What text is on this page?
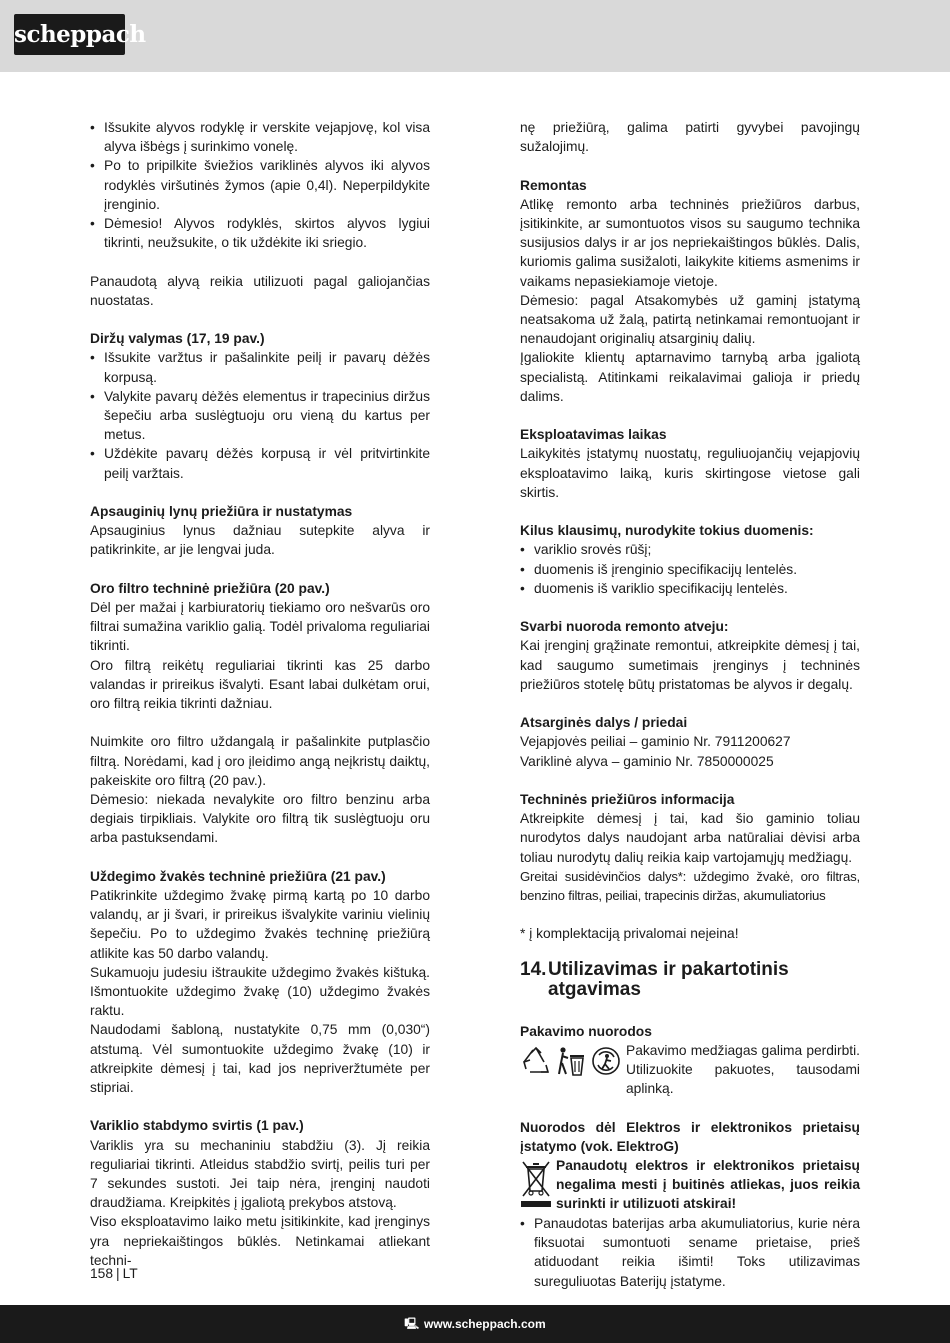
scheppach
• Išsukite alyvos rodyklę ir verskite vejapjovę, kol visa alyva išbėgs į surinkimo vonelę.
• Po to pripilkite šviežios variklinės alyvos iki alyvos rodyklės viršutinės žymos (apie 0,4l). Neperpildykite įrenginio.
• Dėmesio! Alyvos rodyklės, skirtos alyvos lygiui tikrinti, neužsukite, o tik uždėkite iki sriegio.

Panaudotą alyvą reikia utilizuoti pagal galiojančias nuostatas.

Diržų valymas (17, 19 pav.)

• Išsukite varžtus ir pašalinkite peilį ir pavarų dėžės korpusą.
• Valykite pavarų dėžės elementus ir trapecinius diržus šepečiu arba suslėgtuoju oru vieną du kartus per metus.
• Uždėkite pavarų dėžės korpusą ir vėl pritvirtinkite peilį varžtais.

Apsauginių lynų priežiūra ir nustatymas

Apsauginius lynus dažniau sutepkite alyva ir patikrinkite, ar jie lengvai juda.

Oro filtro techninė priežiūra (20 pav.)

Dėl per mažai į karbiuratorių tiekiamo oro nešvarūs oro filtrai sumažina variklio galią. Todėl privaloma reguliariai tikrinti.

Oro filtrą reikėtų reguliariai tikrinti kas 25 darbo valandas ir prireikus išvalyti. Esant labai dulkėtam orui, oro filtrą reikia tikrinti dažniau.

Nuimkite oro filtro uždangalą ir pašalinkite putplasčio filtrą. Norėdami, kad į oro įleidimo angą neįkristų daiktų, pakeiskite oro filtrą (20 pav.).

Dėmesio: niekada nevalykite oro filtro benzinu arba degiais tirpikliais. Valykite oro filtrą tik suslėgtuoju oru arba pastuksendami.

Uždegimo žvakės techninė priežiūra (21 pav.)

Patikrinkite uždegimo žvakę pirmą kartą po 10 darbo valandų, ar ji švari, ir prireikus išvalykite variniu vielinių šepečiu. Po to uždegimo žvakės techninę priežiūrą atlikite kas 50 darbo valandų.

Sukamuoju judesiu ištraukite uždegimo žvakės kištuką. Išmontuokite uždegimo žvakę (10) uždegimo žvakės raktu.

Naudodami šabloną, nustatykite 0,75 mm (0,030“) atstumą. Vėl sumontuokite uždegimo žvakę (10) ir atkreipkite dėmesį į tai, kad jos nepriveržtumėte per stipriai.

Variklio stabdymo svirtis (1 pav.)

Variklis yra su mechaniniu stabdžiu (3). Jį reikia reguliariai tikrinti. Atleidus stabdžio svirtį, peilis turi per 7 sekundes sustoti. Jei taip nėra, įrenginį naudoti draudžiama. Kreipkitės į įgaliotą prekybos atstovą.

Viso eksploatavimo laiko metu įsitikinkite, kad įrenginys yra nepriekaištingos būklės. Netinkamai atliekant techni-

nę priežiūrą, galima patirti gyvybei pavojingų sužalojimų.

Remontas

Atlikę remonto arba techninės priežiūros darbus, įsitikinkite, ar sumontuotos visos su saugumo technika susijusios dalys ir ar jos nepriekaištingos būklės. Dalis, kuriomis galima susižaloti, laikykite kitiems asmenims ir vaikams nepasiekiamoje vietoje.

Dėmesio: pagal Atsakomybės už gaminį įstatymą neatsakoma už žalą, patirtą netinkamai remontuojant ir nenaudojant originalių atsarginių dalių.

Įgaliokite klientų aptarnavimo tarnybą arba įgaliotą specialistą. Atitinkami reikalavimai galioja ir priedų dalims.

Eksploatavimas laikas

Laikykitės įstatymų nuostatų, reguliuojančių vejapjovių eksploatavimo laiką, kuris skirtingose vietose gali skirtis.

Kilus klausimų, nurodykite tokius duomenis:

• variklio srovės rūšį;
• duomenis iš įrenginio specifikacijų lentelės.
• duomenis iš variklio specifikacijų lentelės.

Svarbi nuoroda remonto atveju:

Kai įrenginį grąžinate remontui, atkreipkite dėmesį į tai, kad saugumo sumetimais įrenginys į techninės priežiūros stotelę būtų pristatomas be alyvos ir degalų.

Atsarginės dalys / priedai

Vejapjovės peiliai – gaminio Nr. 7911200627

Variklinė alyva – gaminio Nr. 7850000025

Techninės priežiūros informacija

Atkreipkite dėmesį į tai, kad šio gaminio toliau nurodytos dalys naudojant arba natūraliai dėvisi arba toliau nurodytų dalių reikia kaip vartojamųjų medžiagų.

Greitai susidėvinčios dalys*: uždegimo žvakė, oro filtras, benzino filtras, peiliai, trapecinis diržas, akumuliatorius

* į komplektaciją privalomai neįeina!

14. Utilizavimas ir pakartotinis atgavimas

Pakavimo nuorodos

Pakavimo medžiagas galima perdirbti. Utilizuokite pakuotes, tausodami aplinką.

Nuorodos dėl Elektros ir elektronikos prietaisų įstatymo (vok. ElektroG)

Panaudotų elektros ir elektronikos prietaisų negalima mesti į buitinės atliekas, juos reikia surinkti ir utilizuoti atskirai!

• Panaudotas baterijas arba akumuliatorius, kurie nėra fiksuotai sumontuoti sename prietaise, prieš atiduodant reikia išimti! Toks utilizavimas sureguliuotas Baterijų įstatyme.
158 | LT
🖳︎ www.scheppach.com
